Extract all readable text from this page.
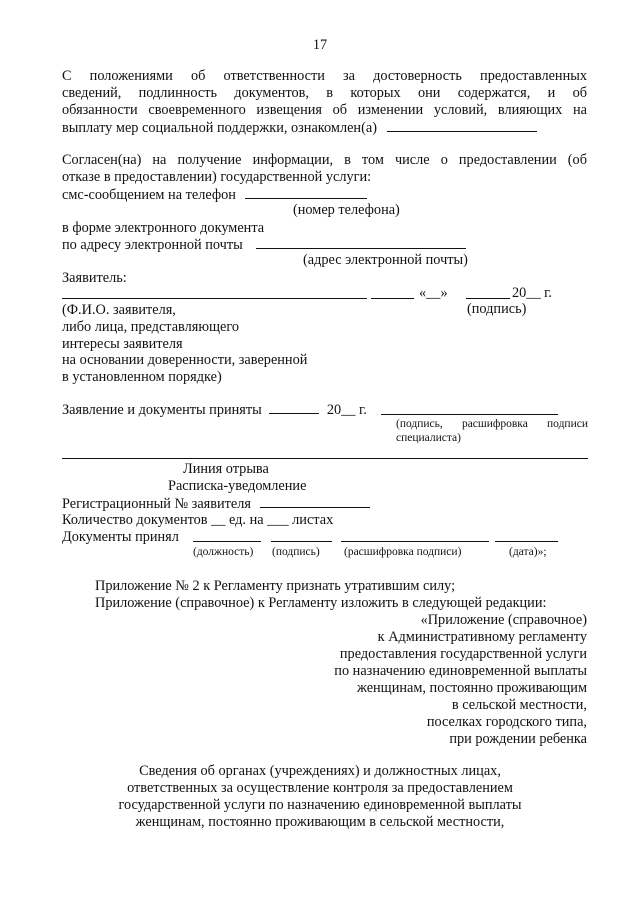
17
С положениями об ответственности за достоверность предоставленных
сведений, подлинность документов, в которых они содержатся, и об
обязанности своевременного извещения об изменении условий, влияющих на
выплату мер социальной поддержки, ознакомлен(а)
Согласен(на) на получение информации, в том числе о предоставлении (об
отказе в предоставлении) государственной услуги:
смс-сообщением на телефон
(номер телефона)
в форме электронного документа
по адресу электронной почты
(адрес электронной почты)
Заявитель:
«__»	20__ г.
(подпись)
(Ф.И.О. заявителя,
либо лица, представляющего
интересы заявителя
на основании доверенности, заверенной
в установленном порядке)
Заявление и документы приняты	20__ г.
(подпись, расшифровка подписи
специалиста)
Линия отрыва
Расписка-уведомление
Регистрационный № заявителя
Количество документов __ ед. на ___ листах
Документы принял
(должность) (подпись) (расшифровка подписи)	(дата)»;
Приложение № 2 к Регламенту признать утратившим силу;
Приложение (справочное) к Регламенту изложить в следующей редакции:
«Приложение (справочное)
к Административному регламенту
предоставления государственной услуги
по назначению единовременной выплаты
женщинам, постоянно проживающим
в сельской местности,
поселках городского типа,
при рождении ребенка
Сведения об органах (учреждениях) и должностных лицах,
ответственных за осуществление контроля за предоставлением
государственной услуги по назначению единовременной выплаты
женщинам, постоянно проживающим в сельской местности,
